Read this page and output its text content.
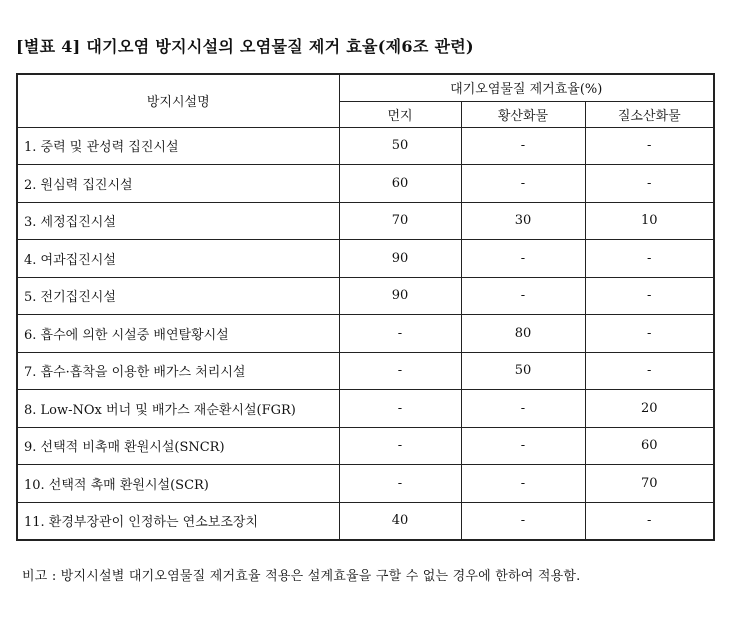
[별표 4] 대기오염 방지시설의 오염물질 제거 효율(제6조 관련)
방지시설명	대기오염물질 제거효율(%)		
	먼지	황산화물	질소산화물
1. 중력 및 관성력 집진시설	50	-	-
2. 원심력 집진시설	60	-	-
3. 세정집진시설	70	30	10
4. 여과집진시설	90	-	-
5. 전기집진시설	90	-	-
6. 흡수에 의한 시설중 배연탈황시설	-	80	-
7. 흡수·흡착을 이용한 배가스 처리시설	-	50	-
8. Low-NOx 버너 및 배가스 재순환시설(FGR)	-	-	20
9. 선택적 비촉매 환원시설(SNCR)	-	-	60
10. 선택적 촉매 환원시설(SCR)	-	-	70
11. 환경부장관이 인정하는 연소보조장치	40	-	-
비고 : 방지시설별 대기오염물질 제거효율 적용은 설계효율을 구할 수 없는 경우에 한하여 적용함.
